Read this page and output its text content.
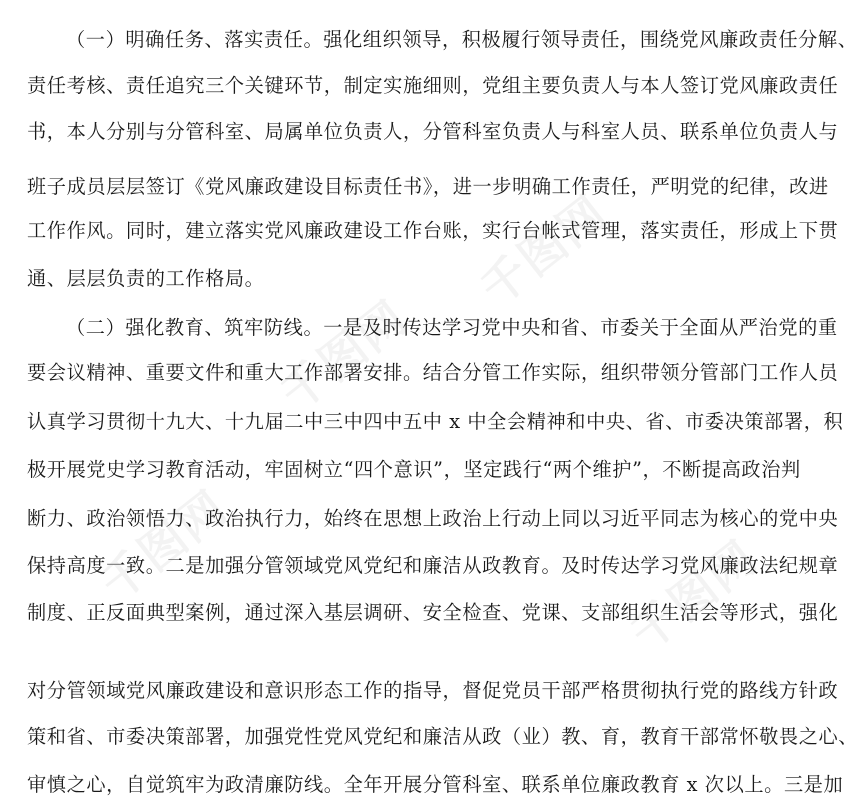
千图网
千图网
千图网	千图网
（一）明确任务、落实责任。强化组织领导，积极履行领导责任，围绕党风廉政责任分解、
责任考核、责任追究三个关键环节，制定实施细则，党组主要负责人与本人签订党风廉政责任
书，本人分别与分管科室、局属单位负责人，分管科室负责人与科室人员、联系单位负责人与
班子成员层层签订《党风廉政建设目标责任书》，进一步明确工作责任，严明党的纪律，改进
工作作风。同时，建立落实党风廉政建设工作台账，实行台帐式管理，落实责任，形成上下贯
通、层层负责的工作格局。
（二）强化教育、筑牢防线。一是及时传达学习党中央和省、市委关于全面从严治党的重
要会议精神、重要文件和重大工作部署安排。结合分管工作实际，组织带领分管部门工作人员
认真学习贯彻十九大、十九届二中三中四中五中 x 中全会精神和中央、省、市委决策部署，积
极开展党史学习教育活动，牢固树立“四个意识”，坚定践行“两个维护”，不断提高政治判
断力、政治领悟力、政治执行力，始终在思想上政治上行动上同以习近平同志为核心的党中央
保持高度一致。二是加强分管领域党风党纪和廉洁从政教育。及时传达学习党风廉政法纪规章
制度、正反面典型案例，通过深入基层调研、安全检查、党课、支部组织生活会等形式，强化
对分管领域党风廉政建设和意识形态工作的指导，督促党员干部严格贯彻执行党的路线方针政
策和省、市委决策部署，加强党性党风党纪和廉洁从政（业）教、育，教育干部常怀敬畏之心、
审慎之心，自觉筑牢为政清廉防线。全年开展分管科室、联系单位廉政教育 x 次以上。三是加
